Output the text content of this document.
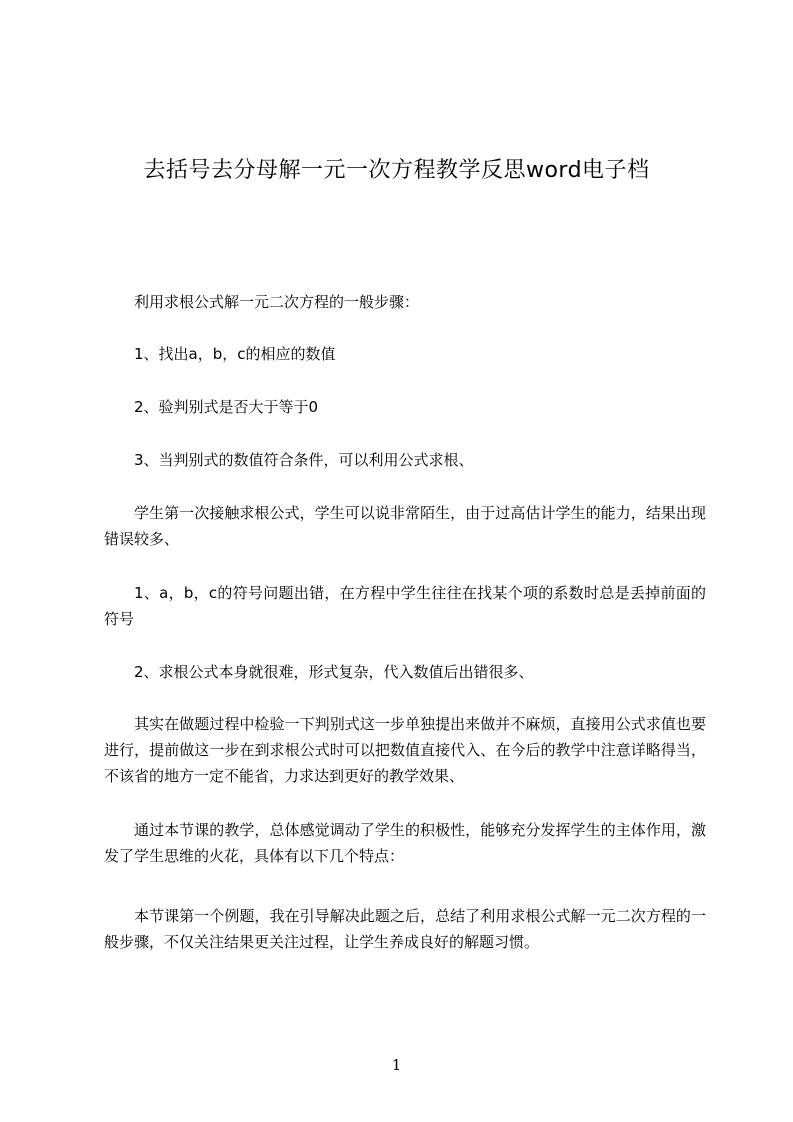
去括号去分母解一元一次方程教学反思word电子档

利用求根公式解一元二次方程的一般步骤：

1、找出a，b，c的相应的数值

2、验判别式是否大于等于0

3、当判别式的数值符合条件，可以利用公式求根、

学生第一次接触求根公式，学生可以说非常陌生，由于过高估计学生的能力，结果出现错误较多、

1、a，b，c的符号问题出错，在方程中学生往往在找某个项的系数时总是丢掉前面的符号

2、求根公式本身就很难，形式复杂，代入数值后出错很多、

其实在做题过程中检验一下判别式这一步单独提出来做并不麻烦，直接用公式求值也要进行，提前做这一步在到求根公式时可以把数值直接代入、在今后的教学中注意详略得当，不该省的地方一定不能省，力求达到更好的教学效果、

通过本节课的教学，总体感觉调动了学生的积极性，能够充分发挥学生的主体作用，激发了学生思维的火花，具体有以下几个特点：

本节课第一个例题，我在引导解决此题之后，总结了利用求根公式解一元二次方程的一般步骤，不仅关注结果更关注过程，让学生养成良好的解题习惯。

1
